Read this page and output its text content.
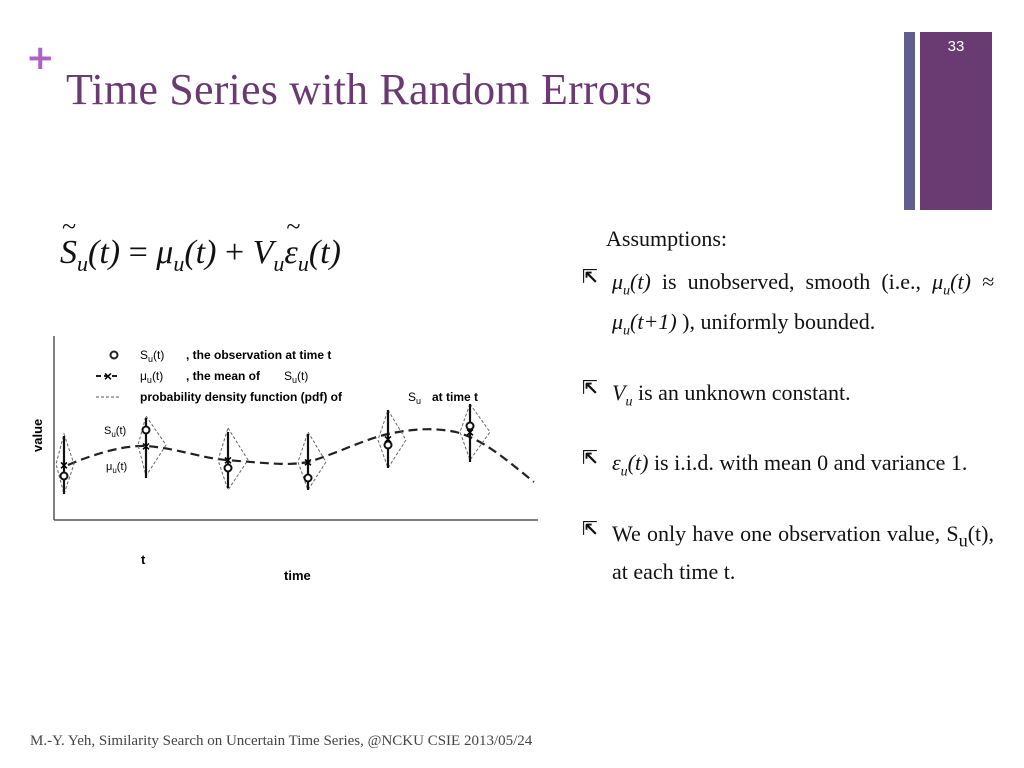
+
Time Series with Random Errors
33
~ $S_u(t) = \mu_u(t)$ + $V_u\sim$ $\varepsilon_u(t)$	Assumptions:
⇱ $\mu_u(t)$ is unobserved, smooth (i.e., $\mu_u(t) \approx \mu_u(t+1)$ ), uniformly bounded.
⇱ $V_u$ is an unknown constant.
⇱ $\varepsilon_u(t)$ is i.i.d. with mean 0 and variance 1.
⇱ We only have one observation value, $S_u(t)$, at each time t.
value
t
time
$S_u(t)$ , the observation at time t
× $\mu_u(t)$ , the mean of $S_u(t)$
probability density function (pdf) of	$S_u$ at time t
$S_u(t)$
$\mu_u(t)$
×
×
×	×
×	×
M.-Y. Yeh, Similarity Search on Uncertain Time Series, @NCKU CSIE 2013/05/24
